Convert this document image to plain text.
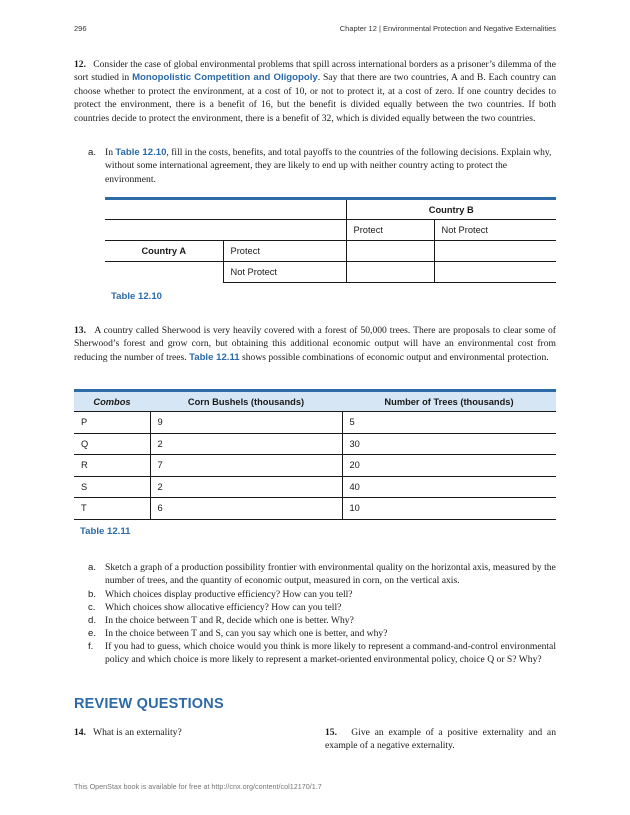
296	Chapter 12 | Environmental Protection and Negative Externalities
12. Consider the case of global environmental problems that spill across international borders as a prisoner’s dilemma of the sort studied in Monopolistic Competition and Oligopoly. Say that there are two countries, A and B. Each country can choose whether to protect the environment, at a cost of 10, or not to protect it, at a cost of zero. If one country decides to protect the environment, there is a benefit of 16, but the benefit is divided equally between the two countries. If both countries decide to protect the environment, there is a benefit of 32, which is divided equally between the two countries.
a. In Table 12.10, fill in the costs, benefits, and total payoffs to the countries of the following decisions. Explain why, without some international agreement, they are likely to end up with neither country acting to protect the environment.
		Country B	
		Protect	Not Protect
Country A	Protect		
	Not Protect		
Table 12.10
13. A country called Sherwood is very heavily covered with a forest of 50,000 trees. There are proposals to clear some of Sherwood’s forest and grow corn, but obtaining this additional economic output will have an environmental cost from reducing the number of trees. Table 12.11 shows possible combinations of economic output and environmental protection.
Combos	Corn Bushels (thousands)	Number of Trees (thousands)
P	9	5
Q	2	30
R	7	20
S	2	40
T	6	10
Table 12.11
a. Sketch a graph of a production possibility frontier with environmental quality on the horizontal axis, measured by the number of trees, and the quantity of economic output, measured in corn, on the vertical axis.
b. Which choices display productive efficiency? How can you tell?
c. Which choices show allocative efficiency? How can you tell?
d. In the choice between T and R, decide which one is better. Why?
e. In the choice between T and S, can you say which one is better, and why?
f. If you had to guess, which choice would you think is more likely to represent a command-and-control environmental policy and which choice is more likely to represent a market-oriented environmental policy, choice Q or S? Why?
REVIEW QUESTIONS
14. What is an externality?	15. Give an example of a positive externality and an example of a negative externality.
This OpenStax book is available for free at http://cnx.org/content/col12170/1.7
